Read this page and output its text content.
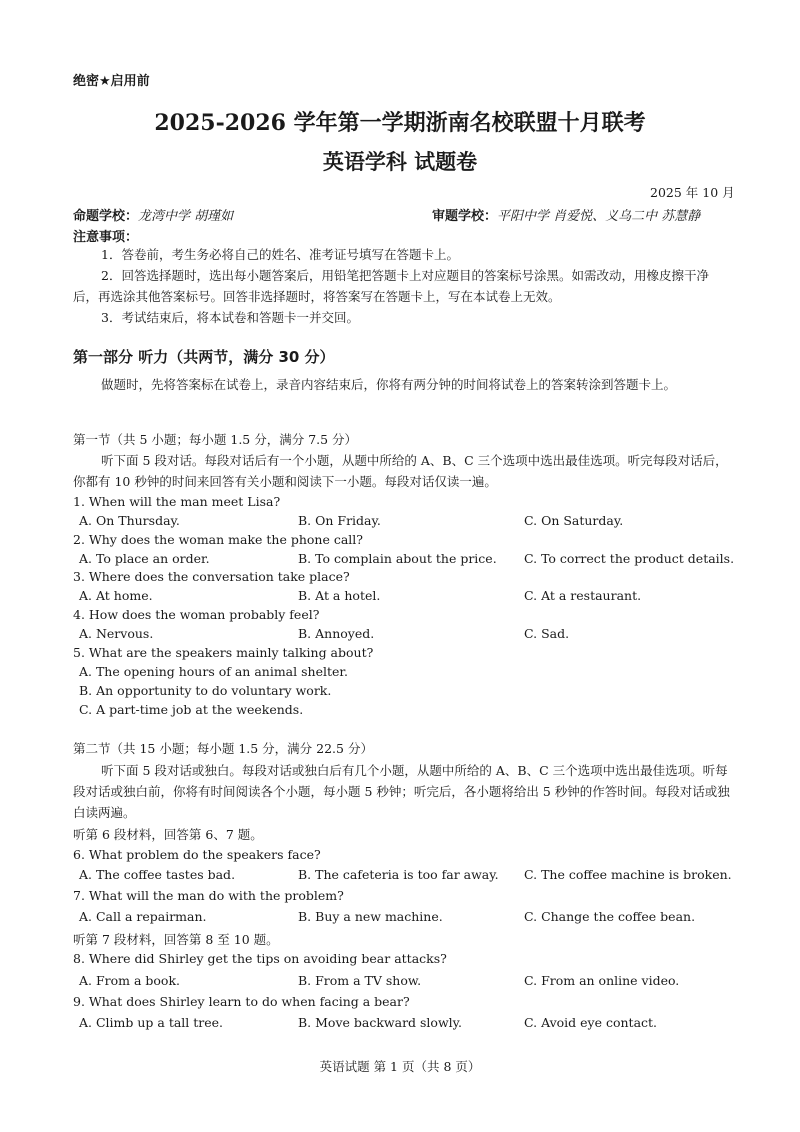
绝密★启用前
2025-2026 学年第一学期浙南名校联盟十月联考
英语学科 试题卷
2025 年 10 月
命题学校：龙湾中学 胡瑾如	审题学校：平阳中学 肖爱悦、义乌二中 苏慧静
注意事项：
1．答卷前，考生务必将自己的姓名、准考证号填写在答题卡上。
2．回答选择题时，选出每小题答案后，用铅笔把答题卡上对应题目的答案标号涂黑。如需改动，用橡皮擦干净后，再选涂其他答案标号。回答非选择题时，将答案写在答题卡上，写在本试卷上无效。
3．考试结束后，将本试卷和答题卡一并交回。
第一部分 听力（共两节，满分 30 分）
做题时，先将答案标在试卷上，录音内容结束后，你将有两分钟的时间将试卷上的答案转涂到答题卡上。
第一节（共 5 小题；每小题 1.5 分，满分 7.5 分）
听下面 5 段对话。每段对话后有一个小题，从题中所给的 A、B、C 三个选项中选出最佳选项。听完每段对话后，你都有 10 秒钟的时间来回答有关小题和阅读下一小题。每段对话仅读一遍。
1. When will the man meet Lisa?
A. On Thursday.	B. On Friday.	C. On Saturday.
2. Why does the woman make the phone call?
A. To place an order.	B. To complain about the price. C. To correct the product details.
3. Where does the conversation take place?
A. At home.	B. At a hotel.	C. At a restaurant.
4. How does the woman probably feel?
A. Nervous.	B. Annoyed.	C. Sad.
5. What are the speakers mainly talking about?
A. The opening hours of an animal shelter.
B. An opportunity to do voluntary work.
C. A part-time job at the weekends.
第二节（共 15 小题；每小题 1.5 分，满分 22.5 分）
听下面 5 段对话或独白。每段对话或独白后有几个小题，从题中所给的 A、B、C 三个选项中选出最佳选项。听每段对话或独白前，你将有时间阅读各个小题，每小题 5 秒钟；听完后，各小题将给出 5 秒钟的作答时间。每段对话或独白读两遍。
听第 6 段材料，回答第 6、7 题。
6. What problem do the speakers face?
A. The coffee tastes bad.	B. The cafeteria is too far away. C. The coffee machine is broken.
7. What will the man do with the problem?
A. Call a repairman.	B. Buy a new machine.	C. Change the coffee bean.
听第 7 段材料，回答第 8 至 10 题。
8. Where did Shirley get the tips on avoiding bear attacks?
A. From a book.	B. From a TV show.	C. From an online video.
9. What does Shirley learn to do when facing a bear?
A. Climb up a tall tree.	B. Move backward slowly.	C. Avoid eye contact.
英语试题 第 1 页（共 8 页）
